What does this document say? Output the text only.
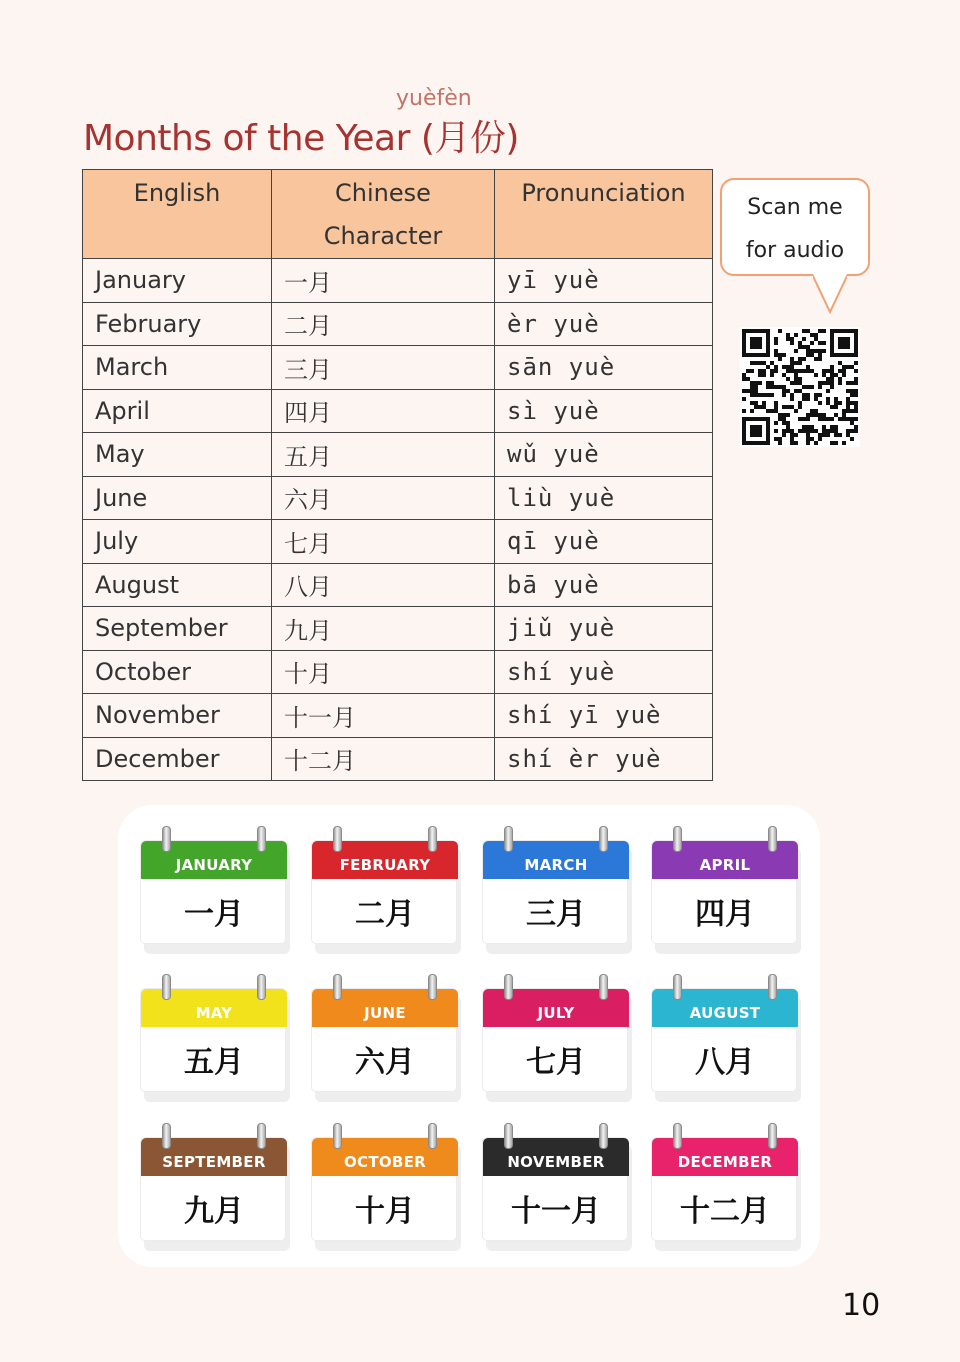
yuèfèn
Months of the Year (月份)
English	Chinese Character	Pronunciation
January	一月	yī yuè
February	二月	èr yuè
March	三月	sān yuè
April	四月	sì yuè
May	五月	wǔ yuè
June	六月	liù yuè
July	七月	qī yuè
August	八月	bā yuè
September	九月	jiǔ yuè
October	十月	shí yuè
November	十一月	shí yī yuè
December	十二月	shí èr yuè
Scan me
for audio
JANUARY
一月
FEBRUARY
二月
MARCH
三月
APRIL
四月
MAY
五月
JUNE
六月
JULY
七月
AUGUST
八月
SEPTEMBER
九月
OCTOBER
十月
NOVEMBER
十一月
DECEMBER
十二月
10
